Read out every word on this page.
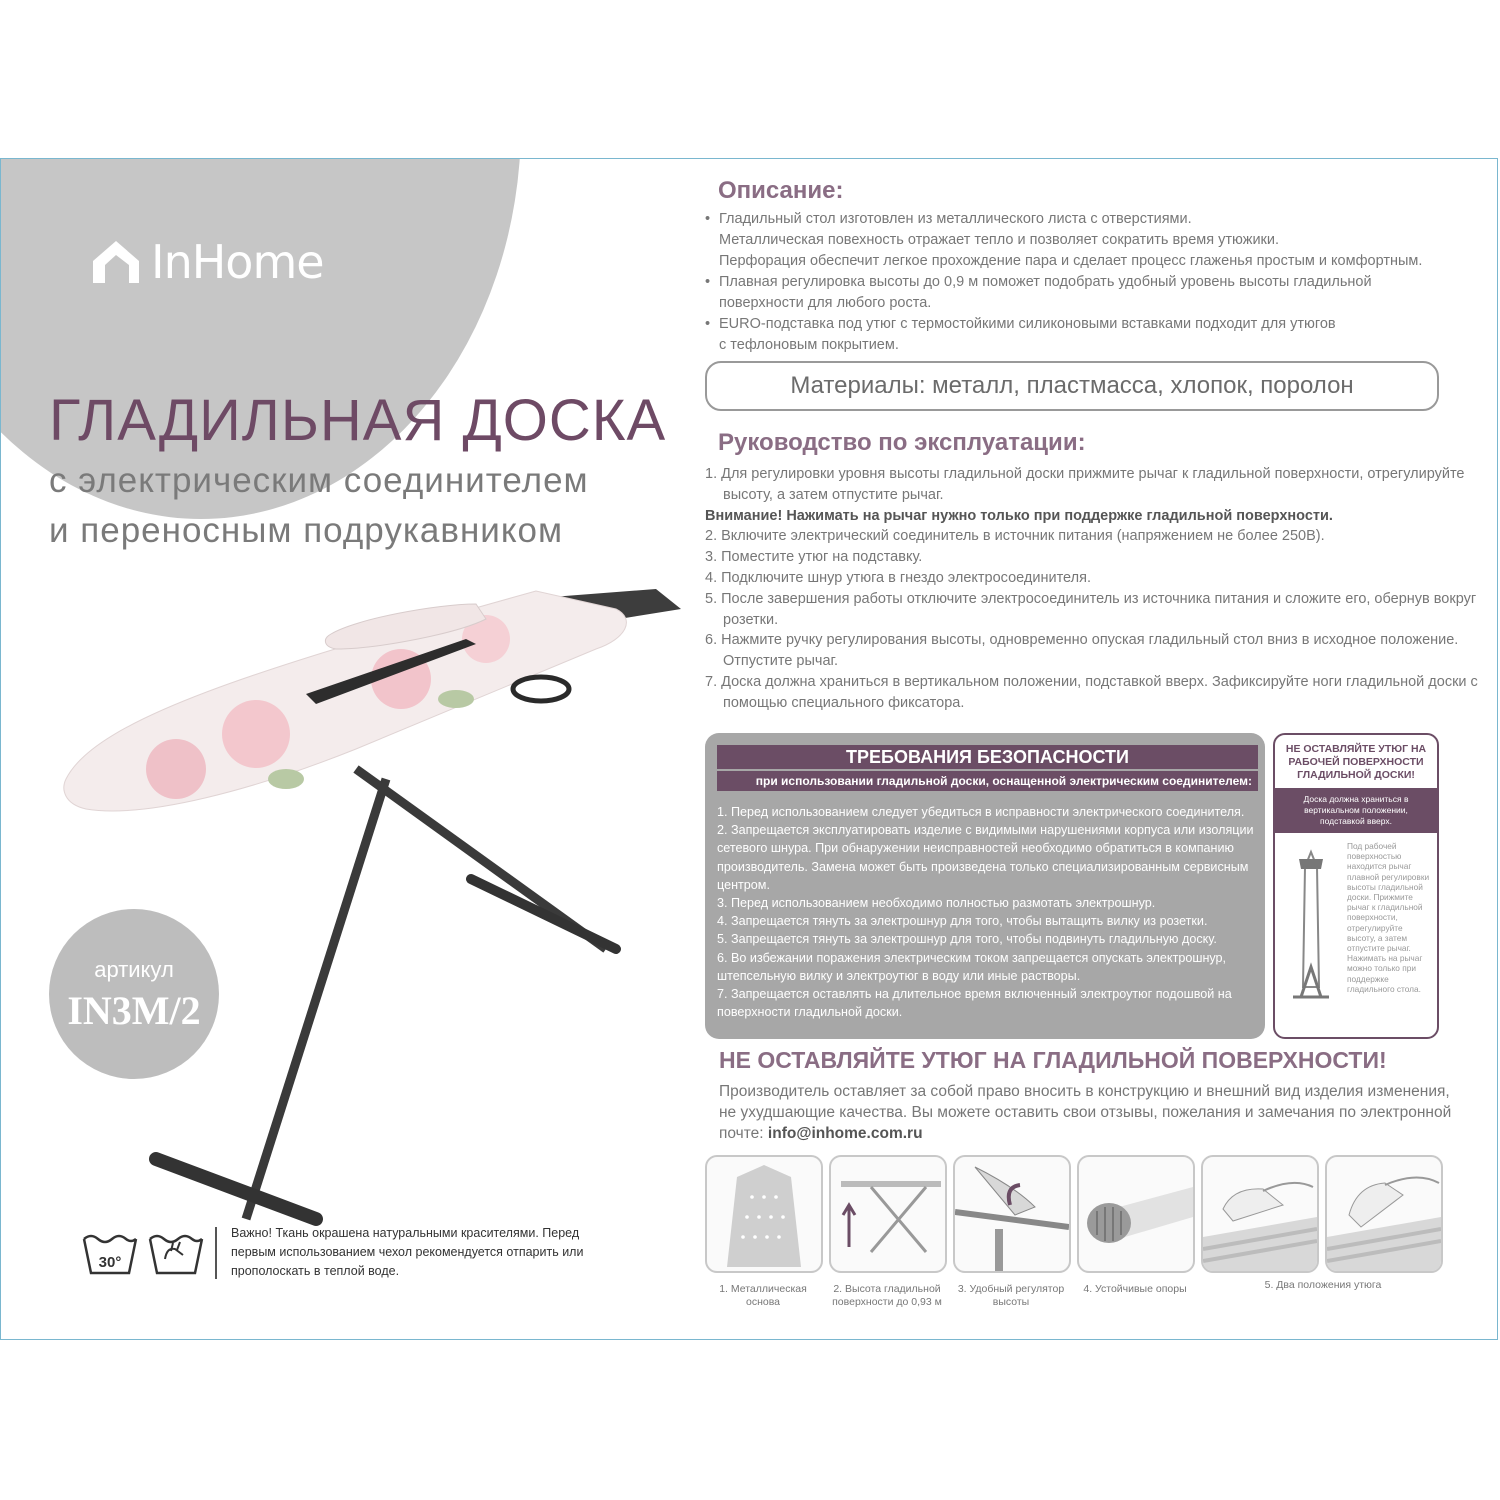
InHome
ГЛАДИЛЬНАЯ ДОСКА
с электрическим соединителем
и переносным подрукавником
артикул
IN3M/2
30°
Важно! Ткань окрашена натуральными красителями. Перед первым использованием чехол рекомендуется отпарить или прополоскать в теплой воде.
Описание:
• Гладильный стол изготовлен из металлического листа с отверстиями.
Металлическая повехность отражает тепло и позволяет сократить время утюжики.
Перфорация обеспечит легкое прохождение пара и сделает процесс глаженья простым и комфортным.
• Плавная регулировка высоты до 0,9 м поможет подобрать удобный уровень высоты гладильной
поверхности для любого роста.
• EURO-подставка под утюг с термостойкими силиконовыми вставками подходит для утюгов
с тефлоновым покрытием.
Материалы: металл, пластмасса, хлопок, поролон
Руководство по эксплуатации:
1. Для регулировки уровня высоты гладильной доски прижмите рычаг к гладильной поверхности, отрегулируйте высоту, а затем отпустите рычаг.
Внимание! Нажимать на рычаг нужно только при поддержке гладильной поверхности.
2. Включите электрический соединитель в источник питания (напряжением не более 250В).
3. Поместите утюг на подставку.
4. Подключите шнур утюга в гнездо электросоединителя.
5. После завершения работы отключите электросоединитель из источника питания и сложите его, обернув вокруг розетки.
6. Нажмите ручку регулирования высоты, одновременно опуская гладильный стол вниз в исходное положение. Отпустите рычаг.
7. Доска должна храниться в вертикальном положении, подставкой вверх. Зафиксируйте ноги гладильной доски с помощью специального фиксатора.
ТРЕБОВАНИЯ БЕЗОПАСНОСТИ
при использовании гладильной доски, оснащенной электрическим соединителем:
1. Перед использованием следует убедиться в исправности электрического соединителя.
2. Запрещается эксплуатировать изделие с видимыми нарушениями корпуса или изоляции сетевого шнура. При обнаружении неисправностей необходимо обратиться в компанию производитель. Замена может быть произведена только специализированным сервисным центром.
3. Перед использованием необходимо полностью размотать электрошнур.
4. Запрещается тянуть за электрошнур для того, чтобы вытащить вилку из розетки.
5. Запрещается тянуть за электрошнур для того, чтобы подвинуть гладильную доску.
6. Во избежании поражения электрическим током запрещается опускать электрошнур, штепсельную вилку и электроутюг в воду или иные растворы.
7. Запрещается оставлять на длительное время включенный электроутюг подошвой на поверхности гладильной доски.
НЕ ОСТАВЛЯЙТЕ УТЮГ НА РАБОЧЕЙ ПОВЕРХНОСТИ ГЛАДИЛЬНОЙ ДОСКИ!
Доска должна храниться в вертикальном положении, подставкой вверх.
Под рабочей поверхностью находится рычаг плавной регулировки высоты гладильной доски. Прижмите рычаг к гладильной поверхности, отрегулируйте высоту, а затем отпустите рычаг. Нажимать на рычаг можно только при поддержке гладильного стола.
НЕ ОСТАВЛЯЙТЕ УТЮГ НА ГЛАДИЛЬНОЙ ПОВЕРХНОСТИ!
Производитель оставляет за собой право вносить в конструкцию и внешний вид изделия изменения, не ухудшающие качества. Вы можете оставить свои отзывы, пожелания и замечания по электронной почте: info@inhome.com.ru
1. Металлическая основа
2. Высота гладильной поверхности до 0,93 м
3. Удобный регулятор высоты
4. Устойчивые опоры	5. Два положения утюга
